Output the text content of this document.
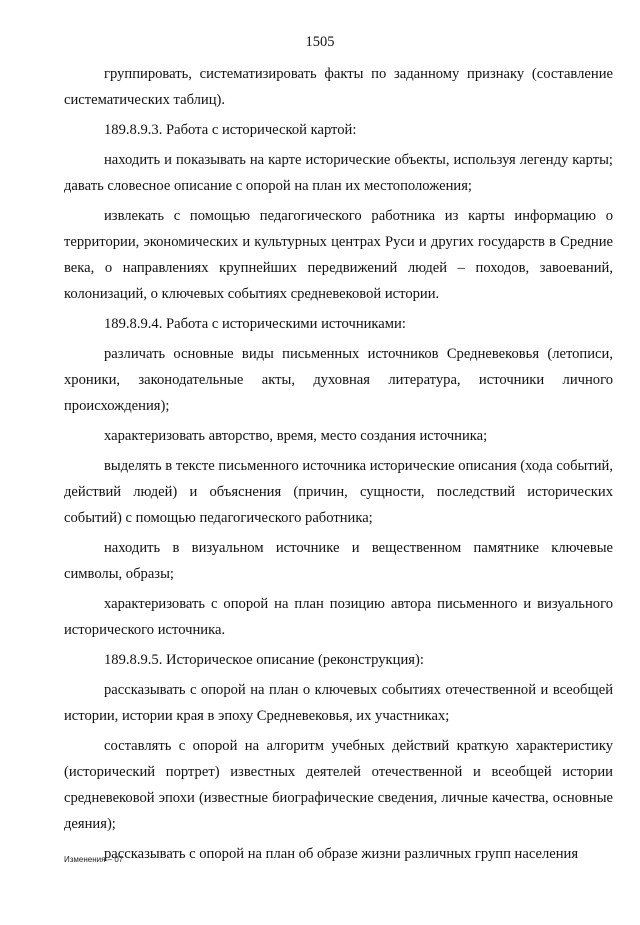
1505

группировать, систематизировать факты по заданному признаку (составление систематических таблиц).

189.8.9.3. Работа с исторической картой:

находить и показывать на карте исторические объекты, используя легенду карты; давать словесное описание с опорой на план их местоположения;

извлекать с помощью педагогического работника из карты информацию о территории, экономических и культурных центрах Руси и других государств в Средние века, о направлениях крупнейших передвижений людей – походов, завоеваний, колонизаций, о ключевых событиях средневековой истории.

189.8.9.4. Работа с историческими источниками:

различать основные виды письменных источников Средневековья (летописи, хроники, законодательные акты, духовная литература, источники личного происхождения);

характеризовать авторство, время, место создания источника;

выделять в тексте письменного источника исторические описания (хода событий, действий людей) и объяснения (причин, сущности, последствий исторических событий) с помощью педагогического работника;

находить в визуальном источнике и вещественном памятнике ключевые символы, образы;

характеризовать с опорой на план позицию автора письменного и визуального исторического источника.

189.8.9.5. Историческое описание (реконструкция):

рассказывать с опорой на план о ключевых событиях отечественной и всеобщей истории, истории края в эпоху Средневековья, их участниках;

составлять с опорой на алгоритм учебных действий краткую характеристику (исторический портрет) известных деятелей отечественной и всеобщей истории средневековой эпохи (известные биографические сведения, личные качества, основные деяния);

рассказывать с опорой на план об образе жизни различных групп населения

Изменения – 07
